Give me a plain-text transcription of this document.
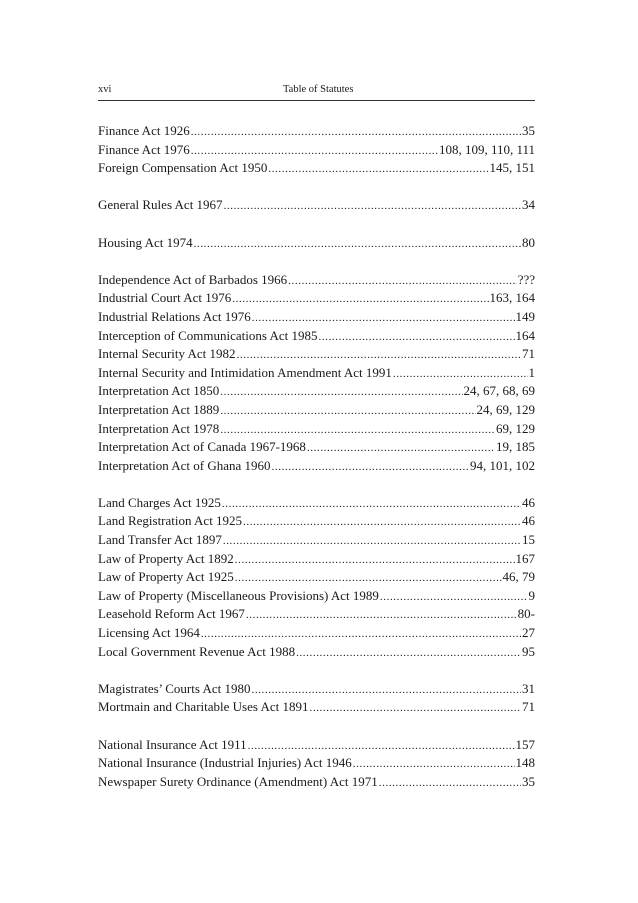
xvi	Table of Statutes
Finance Act 1926 .....	35
Finance Act 1976 .....	108, 109, 110, 111
Foreign Compensation Act 1950 .....	145, 151
General Rules Act 1967 .....	34
Housing Act 1974 .....	80
Independence Act of Barbados 1966 .....	???
Industrial Court Act 1976 .....	163, 164
Industrial Relations Act 1976 .....	149
Interception of Communications Act 1985 .....	164
Internal Security Act 1982 .....	71
Internal Security and Intimidation Amendment Act 1991 .....	1
Interpretation Act 1850 .....	24, 67, 68, 69
Interpretation Act 1889 .....	24, 69, 129
Interpretation Act 1978 .....	69, 129
Interpretation Act of Canada 1967-1968 .....	19, 185
Interpretation Act of Ghana 1960 .....	94, 101, 102
Land Charges Act 1925 .....	46
Land Registration Act 1925 .....	46
Land Transfer Act 1897 .....	15
Law of Property Act 1892 .....	167
Law of Property Act 1925 .....	46, 79
Law of Property (Miscellaneous Provisions) Act 1989 .....	9
Leasehold Reform Act 1967 .....	80-
Licensing Act 1964 .....	27
Local Government Revenue Act 1988 .....	95
Magistrates’ Courts Act 1980 .....	31
Mortmain and Charitable Uses Act 1891 .....	71
National Insurance Act 1911 .....	157
National Insurance (Industrial Injuries) Act 1946 .....	148
Newspaper Surety Ordinance (Amendment) Act 1971 .....	35
